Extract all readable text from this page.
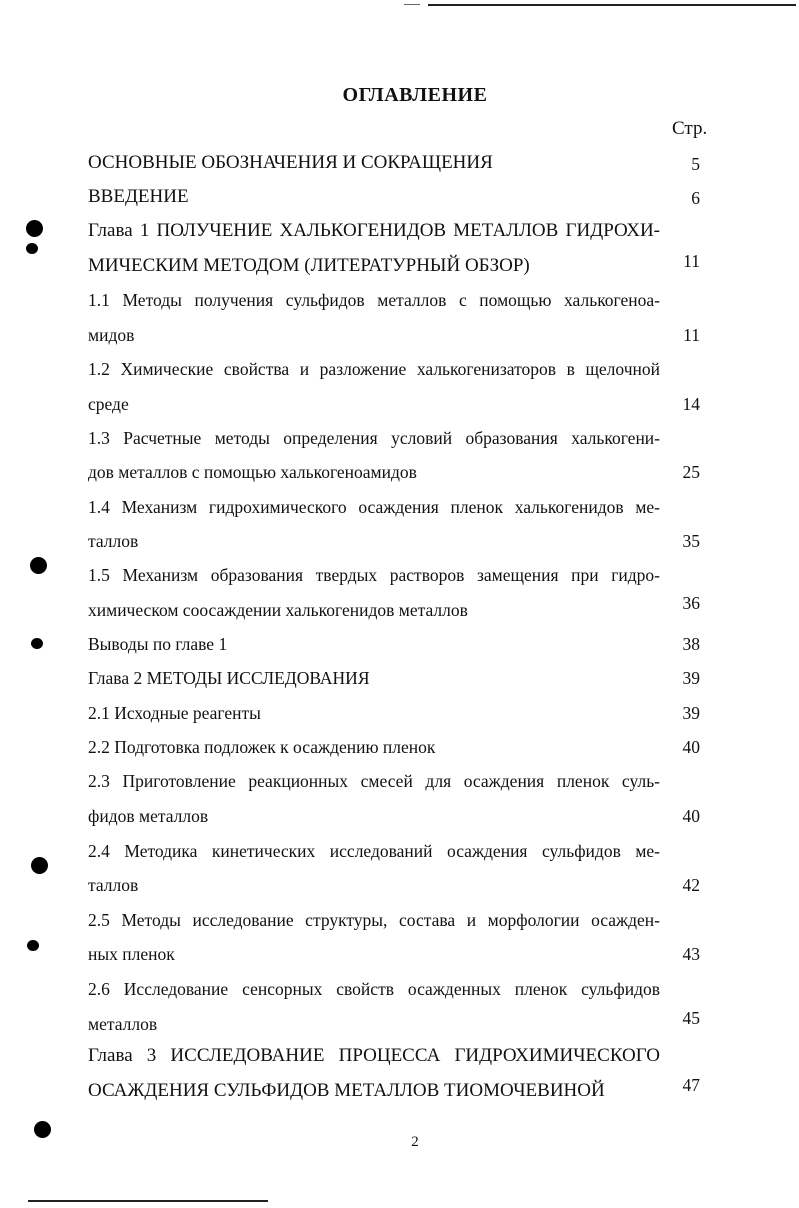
ОГЛАВЛЕНИЕ
Стр.
ОСНОВНЫЕ ОБОЗНАЧЕНИЯ И СОКРАЩЕНИЯ	5
ВВЕДЕНИЕ	6
Глава 1 ПОЛУЧЕНИЕ ХАЛЬКОГЕНИДОВ МЕТАЛЛОВ ГИДРОХИ-
МИЧЕСКИМ МЕТОДОМ (ЛИТЕРАТУРНЫЙ ОБЗОР)	11
1.1 Методы получения сульфидов металлов с помощью халькогеноа-
мидов	11
1.2 Химические свойства и разложение халькогенизаторов в щелочной
среде	14
1.3 Расчетные методы определения условий образования халькогени-
дов металлов с помощью халькогеноамидов	25
1.4 Механизм гидрохимического осаждения пленок халькогенидов ме-
таллов	35
1.5 Механизм образования твердых растворов замещения при гидро-
химическом соосаждении халькогенидов металлов	36
Выводы по главе 1	38
Глава 2 МЕТОДЫ ИССЛЕДОВАНИЯ	39
2.1 Исходные реагенты	39
2.2 Подготовка подложек к осаждению пленок	40
2.3 Приготовление реакционных смесей для осаждения пленок суль-
фидов металлов	40
2.4 Методика кинетических исследований осаждения сульфидов ме-
таллов	42
2.5 Методы исследование структуры, состава и морфологии осажден-
ных пленок	43
2.6 Исследование сенсорных свойств осажденных пленок сульфидов
металлов	45
Глава 3 ИССЛЕДОВАНИЕ ПРОЦЕССА ГИДРОХИМИЧЕСКОГО
ОСАЖДЕНИЯ СУЛЬФИДОВ МЕТАЛЛОВ ТИОМОЧЕВИНОЙ	47
2
